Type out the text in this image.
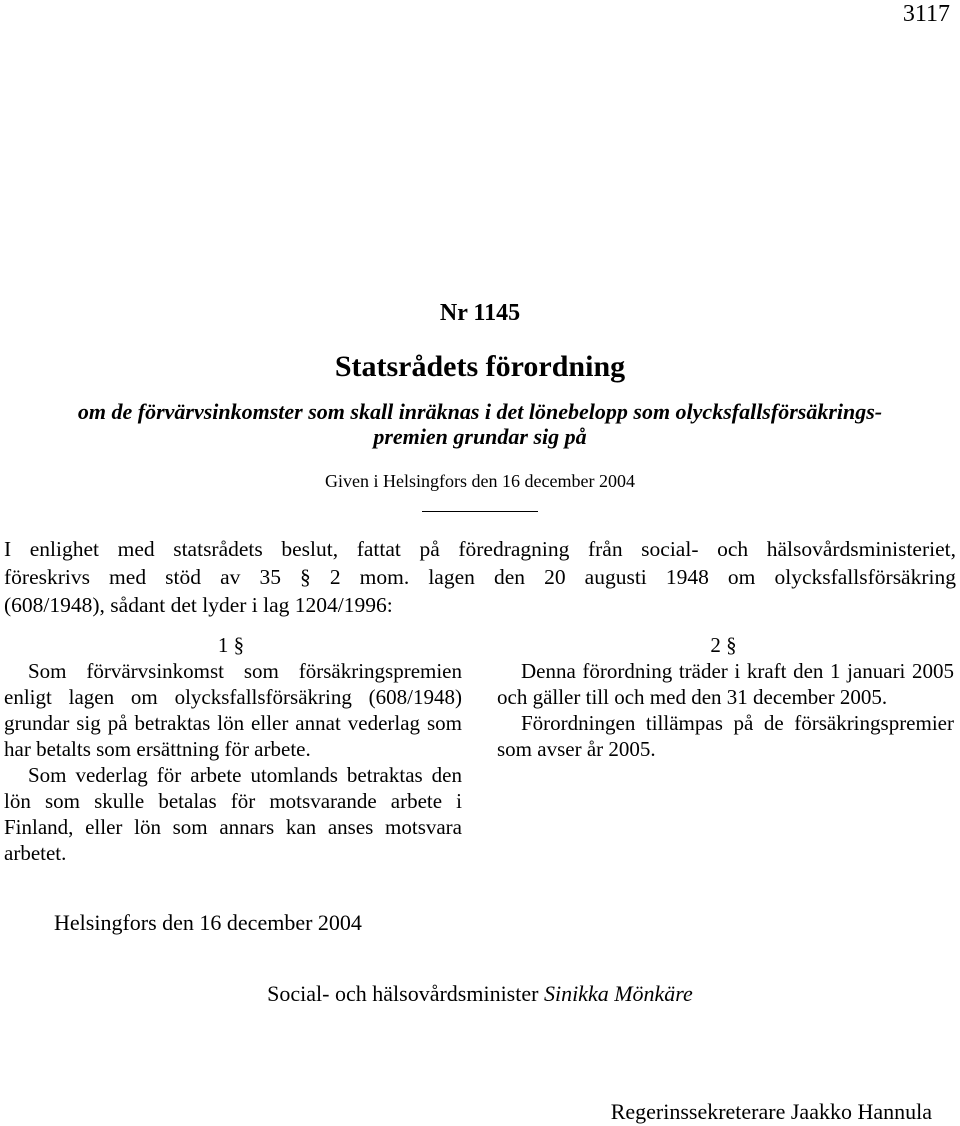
3117
Nr 1145
Statsrådets förordning
om de förvärvsinkomster som skall inräknas i det lönebelopp som olycksfallsförsäkrings-
premien grundar sig på
Given i Helsingfors den 16 december 2004
I enlighet med statsrådets beslut, fattat på föredragning från social- och hälsovårdsministeriet,
föreskrivs med stöd av 35 § 2 mom. lagen den 20 augusti 1948 om olycksfallsförsäkring
(608/1948), sådant det lyder i lag 1204/1996:
1 §

Som förvärvsinkomst som försäkringspremien enligt lagen om olycksfallsförsäkring (608/1948) grundar sig på betraktas lön eller annat vederlag som har betalts som ersättning för arbete.

Som vederlag för arbete utomlands betraktas den lön som skulle betalas för motsvarande arbete i Finland, eller lön som annars kan anses motsvara arbetet.

2 §

Denna förordning träder i kraft den 1 januari 2005 och gäller till och med den 31 december 2005.

Förordningen tillämpas på de försäkringspremier som avser år 2005.

Helsingfors den 16 december 2004
Social- och hälsovårdsminister Sinikka Mönkäre
Regerinssekreterare Jaakko Hannula
